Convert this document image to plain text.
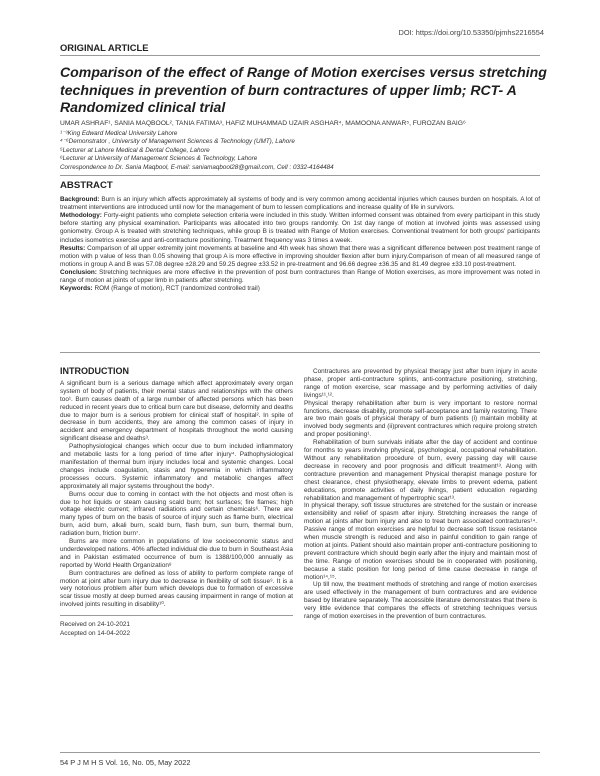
DOI: https://doi.org/10.53350/pjmhs2216554
ORIGINAL ARTICLE
Comparison of the effect of Range of Motion exercises versus stretching techniques in prevention of burn contractures of upper limb; RCT- A Randomized clinical trial
UMAR ASHRAF¹, SANIA MAQBOOL², TANIA FATIMA³, HAFIZ MUHAMMAD UZAIR ASGHAR⁴, MAMOONA ANWAR⁵, FUROZAN BAIG⁶
¹⁻³King Edward Medical University Lahore
⁴⁻⁶Demonstrator , University of Management Sciences & Technology (UMT), Lahore
⁵Lecturer at Lahore Medical & Dental College, Lahore
⁶Lecturer at University of Management Sciences & Technology, Lahore
Correspondence to Dr. Sania Maqbool, E-mail: saniamaqbool28@gmail.com, Cell : 0332-4164484
ABSTRACT

Background: Burn is an injury which affects approximately all systems of body and is very common among accidental injuries which causes burden on hospitals. A lot of treatment interventions are introduced until now for the management of burn to lessen complications and increase quality of life in survivors.

Methodology: Forty-eight patients who complete selection criteria were included in this study. Written informed consent was obtained from every participant in this study before starting any physical examination. Participants was allocated into two groups randomly. On 1st day range of motion at involved joints was assessed using goniometry. Group A is treated with stretching techniques, while group B is treated with Range of Motion exercises. Conventional treatment for both groups' participants includes isometrics exercise and anti-contracture positioning. Treatment frequency was 3 times a week.

Results: Comparison of all upper extremity joint movements at baseline and 4th week has shown that there was a significant difference between post treatment range of motion with p value of less than 0.05 showing that group A is more effective in improving shoulder flexion after burn injury.Comparison of mean of all measured range of motions in group A and B was 57.08 degree ±28.29 and 59.25 degree ±33.52 in pre-treatment and 96.66 degree ±36.35 and 81.49 degree ±33.10 post-treatment.

Conclusion: Stretching techniques are more effective in the prevention of post burn contractures than Range of Motion exercises, as more improvement was noted in range of motion at joints of upper limb in patients after stretching.

Keywords: ROM (Range of motion), RCT (randomized controlled trail)

INTRODUCTION

A significant burn is a serious damage which affect approximately every organ system of body of patients, their mental status and relationships with the others too¹. Burn causes death of a large number of affected persons which has been reduced in recent years due to critical burn care but disease, deformity and deaths due to major burn is a serious problem for clinical staff of hospital². In spite of decrease in burn accidents, they are among the common cases of injury in accident and emergency department of hospitals throughout the world causing significant disease and deaths³.

Pathophysiological changes which occur due to burn included inflammatory and metabolic lasts for a long period of time after injury⁴. Pathophysiological manifestation of thermal burn injury includes local and systemic changes. Local changes include coagulation, stasis and hyperemia in which inflammatory processes occurs. Systemic inflammatory and metabolic changes affect approximately all major systems throughout the body⁵.

Burns occur due to coming in contact with the hot objects and most often is due to hot liquids or steam causing scald burn; hot surfaces; fire flames; high voltage electric current; infrared radiations and certain chemicals⁶. There are many types of burn on the basis of source of injury such as flame burn, electrical burn, acid burn, alkali burn, scald burn, flash burn, sun burn, thermal burn, radiation burn, friction burn⁷.

Burns are more common in populations of low socioeconomic status and underdeveloped nations. 40% affected individual die due to burn in Southeast Asia and in Pakistan estimated occurrence of burn is 1388/100,000 annually as reported by World Health Organization⁸

Burn contractures are defined as loss of ability to perform complete range of motion at joint after burn injury due to decrease in flexibility of soft tissue⁹. It is a very notorious problem after burn which develops due to formation of excessive scar tissue mostly at deep burned areas causing impairment in range of motion at involved joints resulting in disability¹⁰.

Received on 24-10-2021
Accepted on 14-04-2022

Contractures are prevented by physical therapy just after burn injury in acute phase, proper anti-contracture splints, anti-contracture positioning, stretching, range of motion exercise, scar massage and by performing activities of daily livings¹¹,¹².

Physical therapy rehabilitation after burn is very important to restore normal functions, decrease disability, promote self-acceptance and family restoring. There are two main goals of physical therapy of burn patients (i) maintain mobility at involved body segments and (ii)prevent contractures which require prolong stretch and proper positioning¹.

Rehabilitation of burn survivals initiate after the day of accident and continue for months to years involving physical, psychological, occupational rehabilitation. Without any rehabilitation procedure of burn, every passing day will cause decrease in recovery and poor prognosis and difficult treatment¹³. Along with contracture prevention and management Physical therapist manage posture for chest clearance, chest physiotherapy, elevate limbs to prevent edema, patient educations, promote activities of daily livings, patient education regarding rehabilitation and management of hypertrophic scar¹³.

In physical therapy, soft tissue structures are stretched for the sustain or increase extensibility and relief of spasm after injury. Stretching increases the range of motion at joints after burn injury and also to treat burn associated contractures¹⁴. Passive range of motion exercises are helpful to decrease soft tissue resistance when muscle strength is reduced and also in painful condition to gain range of motion at joints. Patient should also maintain proper anti-contracture positioning to prevent contracture which should begin early after the injury and maintain most of the time. Range of motion exercises should be in cooperated with positioning, because a static position for long period of time cause decrease in range of motion¹⁴,¹⁵.

Up till now, the treatment methods of stretching and range of motion exercises are used effectively in the management of burn contractures and are evidence based by literature separately. The accessible literature demonstrates that there is very little evidence that compares the effects of stretching techniques versus range of motion exercises in the prevention of burn contractures.

54 P J M H S Vol. 16, No. 05, May 2022
